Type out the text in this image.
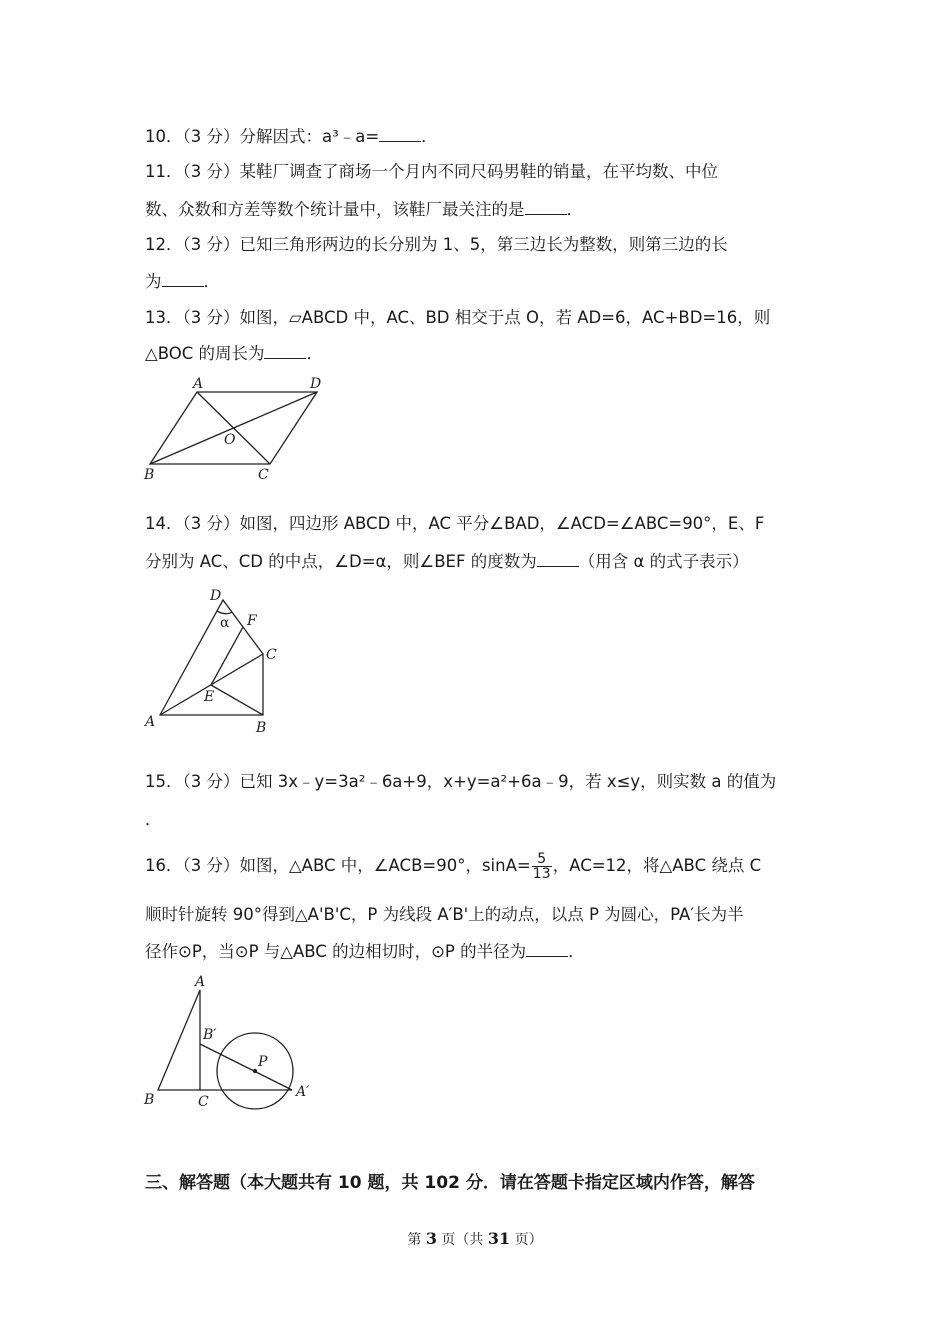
10．（3 分）分解因式：a³﹣a=	．
11．（3 分）某鞋厂调查了商场一个月内不同尺码男鞋的销量，在平均数、中位
数、众数和方差等数个统计量中，该鞋厂最关注的是	．
12．（3 分）已知三角形两边的长分别为 1、5，第三边长为整数，则第三边的长
为	．
13．（3 分）如图，▱ABCD 中，AC、BD 相交于点 O，若 AD=6，AC+BD=16，则
△BOC 的周长为	．
A	D
B	C
O
14．（3 分）如图，四边形 ABCD 中，AC 平分∠BAD，∠ACD=∠ABC=90°，E、F
分别为 AC、CD 的中点，∠D=α，则∠BEF 的度数为	（用含 α 的式子表示）
D
α F
C
E
A	B
15．（3 分）已知 3x﹣y=3a²﹣6a+9，x+y=a²+6a﹣9，若 x≤y，则实数 a 的值为
．
16．（3 分）如图，△ABC 中，∠ACB=90°，$\sin A= \frac{5}{13}$ ，AC=12，将△ABC 绕点 C
顺时针旋转 90°得到△A'B'C，P 为线段 A′B'上的动点，以点 P 为圆心，PA′长为半
径作⊙P，当⊙P 与△ABC 的边相切时，⊙P 的半径为	．
A
B′
P
A′
B	C
三、解答题（本大题共有 10 题，共 102 分．请在答题卡指定区域内作答，解答
第 3 页（共 31 页）
